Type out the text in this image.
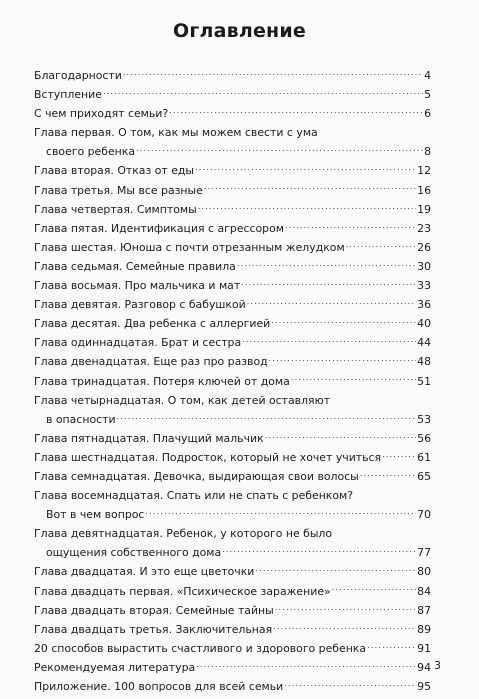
Оглавление
Благодарности .....	4
Вступление .....	5
С чем приходят семьи? .....	6
Глава первая. О том, как мы можем свести с ума
своего ребенка .....	8
Глава вторая. Отказ от еды .....	12
Глава третья. Мы все разные .....	16
Глава четвертая. Симптомы .....	19
Глава пятая. Идентификация с агрессором .....	23
Глава шестая. Юноша с почти отрезанным желудком .....	26
Глава седьмая. Семейные правила .....	30
Глава восьмая. Про мальчика и мат .....	33
Глава девятая. Разговор с бабушкой .....	36
Глава десятая. Два ребенка с аллергией .....	40
Глава одиннадцатая. Брат и сестра .....	44
Глава двенадцатая. Еще раз про развод .....	48
Глава тринадцатая. Потеря ключей от дома .....	51
Глава четырнадцатая. О том, как детей оставляют
в опасности .....	53
Глава пятнадцатая. Плачущий мальчик .....	56
Глава шестнадцатая. Подросток, который не хочет учиться .....	61
Глава семнадцатая. Девочка, выдирающая свои волосы .....	65
Глава восемнадцатая. Спать или не спать с ребенком?
Вот в чем вопрос .....	70
Глава девятнадцатая. Ребенок, у которого не было
ощущения собственного дома .....	77
Глава двадцатая. И это еще цветочки .....	80
Глава двадцать первая. «Психическое заражение» .....	84
Глава двадцать вторая. Семейные тайны .....	87
Глава двадцать третья. Заключительная .....	89
20 способов вырастить счастливого и здорового ребенка .....	91
Рекомендуемая литература .....	94
Приложение. 100 вопросов для всей семьи .....	95
3
